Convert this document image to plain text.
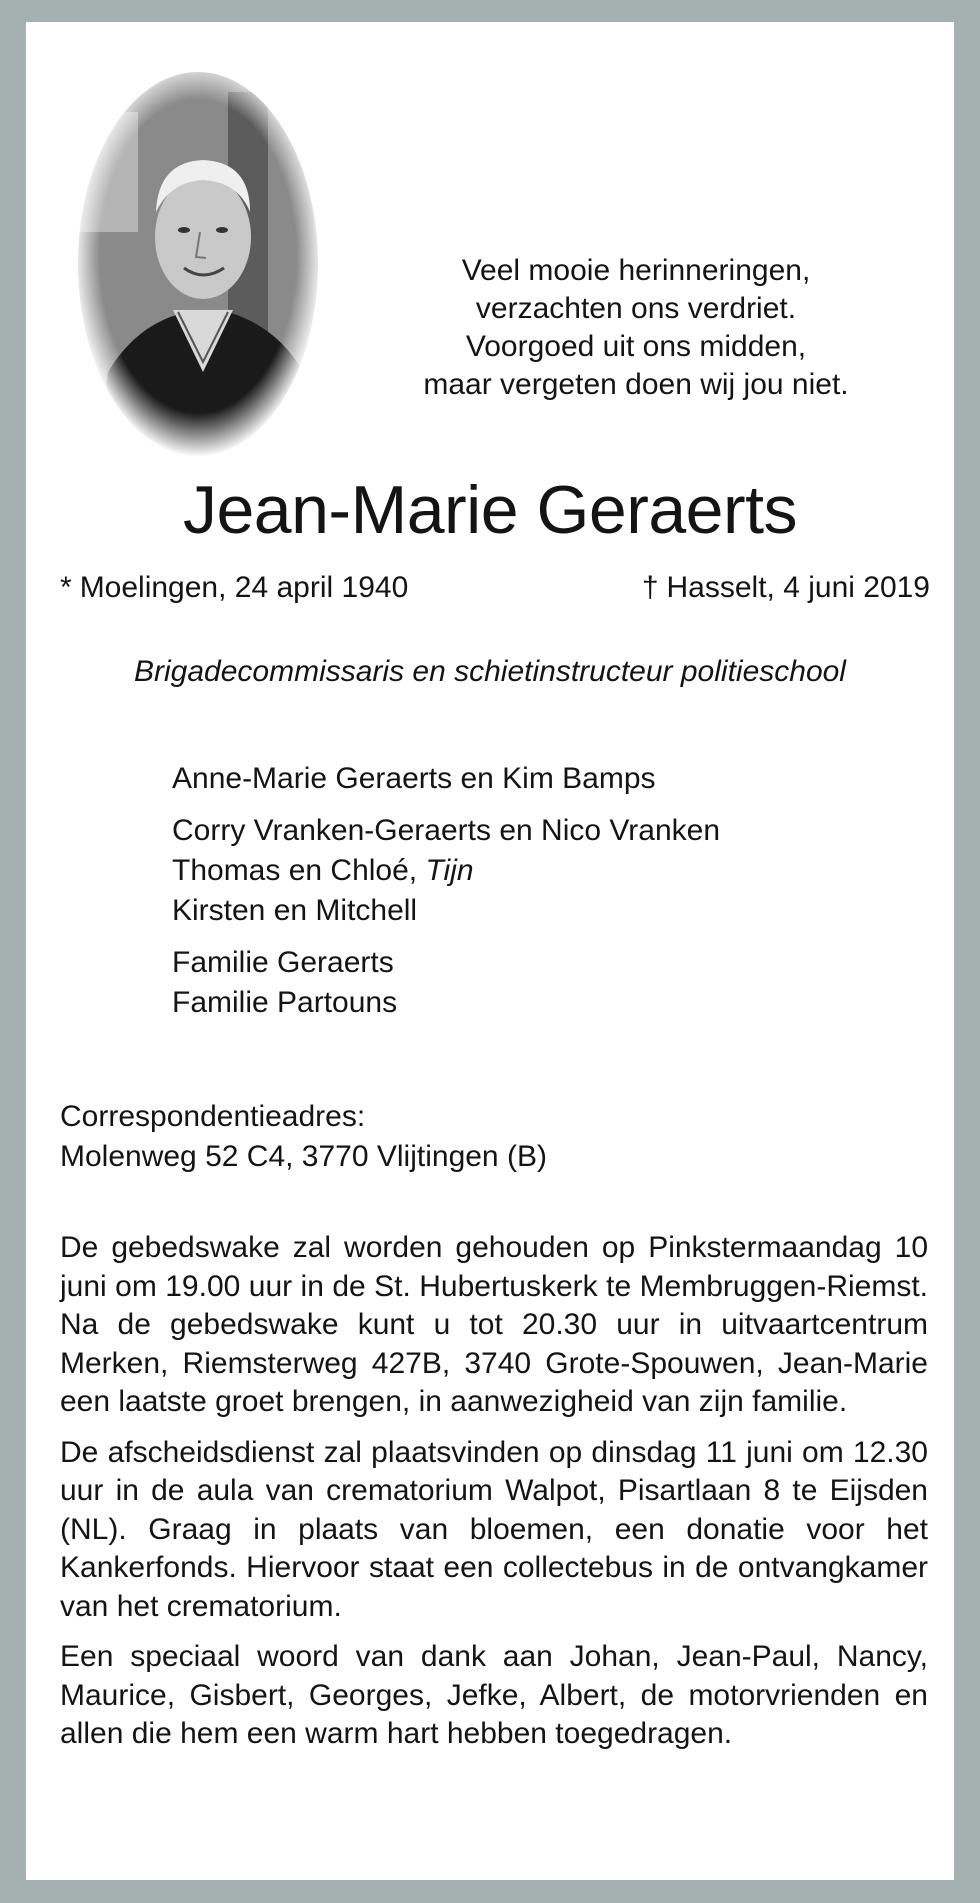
Veel mooie herinneringen,
verzachten ons verdriet.
Voorgoed uit ons midden,
maar vergeten doen wij jou niet.
Jean-Marie Geraerts
* Moelingen, 24 april 1940	† Hasselt, 4 juni 2019
Brigadecommissaris en schietinstructeur politieschool
Anne-Marie Geraerts en Kim Bamps
Corry Vranken-Geraerts en Nico Vranken
Thomas en Chloé, Tijn
Kirsten en Mitchell
Familie Geraerts
Familie Partouns
Correspondentieadres:
Molenweg 52 C4, 3770 Vlijtingen (B)

De gebedswake zal worden gehouden op Pinkstermaandag 10 juni om 19.00 uur in de St. Hubertuskerk te Membruggen-Riemst. Na de gebedswake kunt u tot 20.30 uur in uitvaartcentrum Merken, Riemsterweg 427B, 3740 Grote-Spouwen, Jean-Marie een laatste groet brengen, in aanwezigheid van zijn familie.

De afscheidsdienst zal plaatsvinden op dinsdag 11 juni om 12.30 uur in de aula van crematorium Walpot, Pisartlaan 8 te Eijsden (NL). Graag in plaats van bloemen, een donatie voor het Kankerfonds. Hiervoor staat een collectebus in de ontvangkamer van het crematorium.

Een speciaal woord van dank aan Johan, Jean-Paul, Nancy, Maurice, Gisbert, Georges, Jefke, Albert, de motorvrienden en allen die hem een warm hart hebben toegedragen.
